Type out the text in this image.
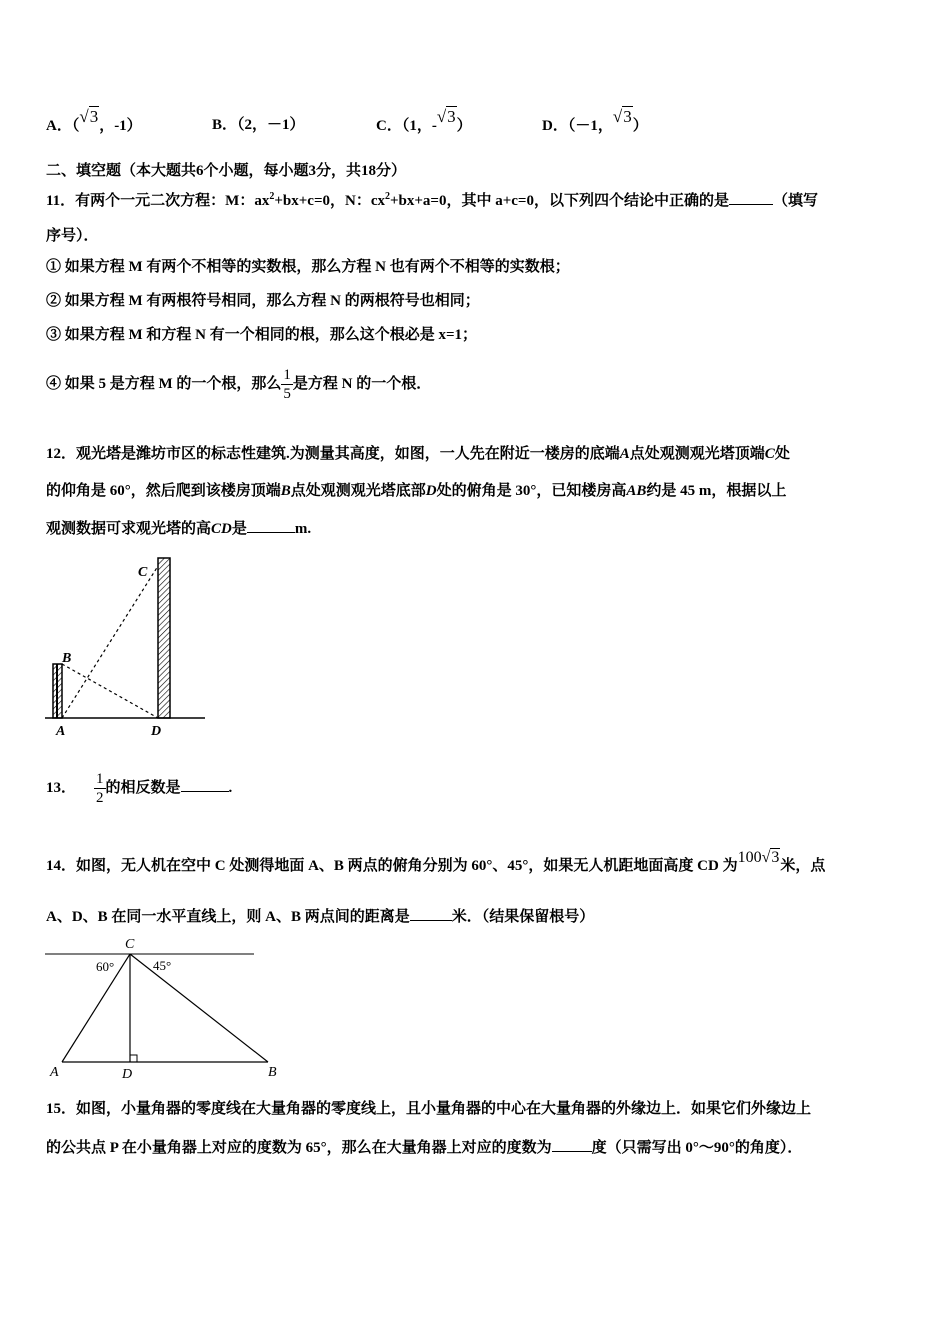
A．（√3，-1）	B．（2，－1）	C．（1，-√3）	D．（－1，√3）
二、填空题（本大题共6个小题，每小题3分，共18分）
11．有两个一元二次方程：M：$ax^2+bx+c=0$，N：$cx^2+bx+a=0$，其中 a+c=0，以下列四个结论中正确的是	（填写
序号）．
① 如果方程 M 有两个不相等的实数根，那么方程 N 也有两个不相等的实数根；
② 如果方程 M 有两根符号相同，那么方程 N 的两根符号也相同；
③ 如果方程 M 和方程 N 有一个相同的根，那么这个根必是 x=1；
④ 如果 5 是方程 M 的一个根，那么 $\frac{1}{5}$ 是方程 N 的一个根．
12．观光塔是潍坊市区的标志性建筑.为测量其高度，如图，一人先在附近一楼房的底端A点处观测观光塔顶端C处
的仰角是 60°，然后爬到该楼房顶端B点处观测观光塔底部D处的俯角是 30°，已知楼房高AB约是 45 m，根据以上
观测数据可求观光塔的高CD是	m.
C
B
A	D
13． $\frac{1}{2}$ 的相反数是	.
14．如图，无人机在空中 C 处测得地面 A、B 两点的俯角分别为 60°、45°，如果无人机距地面高度 CD 为100√3米，点
A、D、B 在同一水平直线上，则 A、B 两点间的距离是	米．（结果保留根号）
C
60°	45°
A	D	B
15．如图，小量角器的零度线在大量角器的零度线上，且小量角器的中心在大量角器的外缘边上．如果它们外缘边上
的公共点 P 在小量角器上对应的度数为 65°，那么在大量角器上对应的度数为	度（只需写出 0°～90°的角度）．
